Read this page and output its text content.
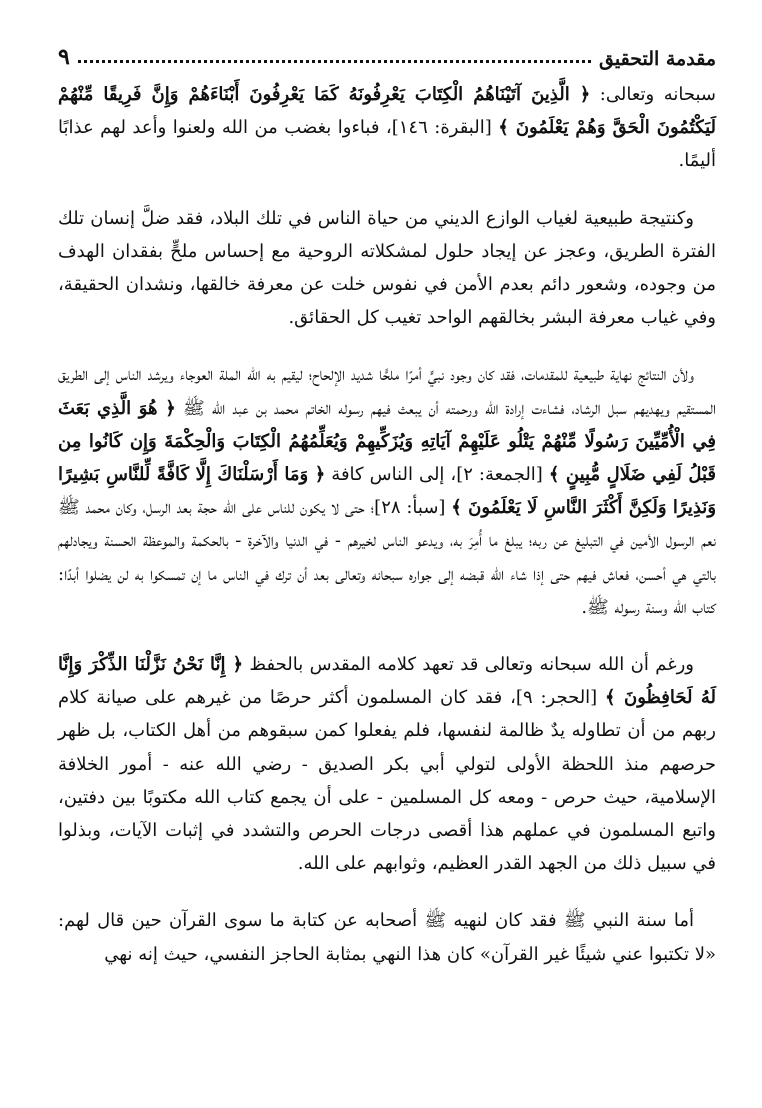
مقدمة التحقيق
٩

سبحانه وتعالى: ﴿ الَّذِينَ آتَيْنَاهُمُ الْكِتَابَ يَعْرِفُونَهُ كَمَا يَعْرِفُونَ أَبْنَاءَهُمْ وَإِنَّ فَرِيقًا مِّنْهُمْ لَيَكْتُمُونَ الْحَقَّ وَهُمْ يَعْلَمُونَ ﴾ [البقرة: ١٤٦]، فباءوا بغضب من الله ولعنوا وأعد لهم عذابًا أليمًا.

وكنتيجة طبيعية لغياب الوازع الديني من حياة الناس في تلك البلاد، فقد ضلَّ إنسان تلك الفترة الطريق، وعجز عن إيجاد حلول لمشكلاته الروحية مع إحساس ملحٍّ بفقدان الهدف من وجوده، وشعور دائم بعدم الأمن في نفوس خلت عن معرفة خالقها، ونشدان الحقيقة، وفي غياب معرفة البشر بخالقهم الواحد تغيب كل الحقائق.

ولأن النتائج نهاية طبيعية للمقدمات، فقد كان وجود نبيٍّ أمرًا ملحًّا شديد الإلحاح؛ ليقيم به الله الملة العوجاء ويرشد الناس إلى الطريق المستقيم ويهديهم سبل الرشاد، فشاءت إرادة الله ورحمته أن يبعث فيهم رسوله الخاتم محمد بن عبد الله ﷺ ﴿ هُوَ الَّذِي بَعَثَ فِي الْأُمِّيِّينَ رَسُولًا مِّنْهُمْ يَتْلُو عَلَيْهِمْ آيَاتِهِ وَيُزَكِّيهِمْ وَيُعَلِّمُهُمُ الْكِتَابَ وَالْحِكْمَةَ وَإِن كَانُوا مِن قَبْلُ لَفِي ضَلَالٍ مُّبِينٍ ﴾ [الجمعة: ٢]، إلى الناس كافة ﴿ وَمَا أَرْسَلْنَاكَ إِلَّا كَافَّةً لِّلنَّاسِ بَشِيرًا وَنَذِيرًا وَلَكِنَّ أَكْثَرَ النَّاسِ لَا يَعْلَمُونَ ﴾ [سبأ: ٢٨]؛ حتى لا يكون للناس على الله حجة بعد الرسل، وكان محمد ﷺ نعم الرسول الأمين في التبليغ عن ربه؛ يبلغ ما أُمِرَ به، ويدعو الناس لخيرهم - في الدنيا والآخرة - بالحكمة والموعظة الحسنة ويجادلهم بالتي هي أحسن، فعاش فيهم حتى إذا شاء الله قبضه إلى جواره سبحانه وتعالى بعد أن ترك في الناس ما إن تمسكوا به لن يضلوا أبدًا: كتاب الله وسنة رسوله ﷺ.

ورغم أن الله سبحانه وتعالى قد تعهد كلامه المقدس بالحفظ ﴿ إِنَّا نَحْنُ نَزَّلْنَا الذِّكْرَ وَإِنَّا لَهُ لَحَافِظُونَ ﴾ [الحجر: ٩]، فقد كان المسلمون أكثر حرصًا من غيرهم على صيانة كلام ربهم من أن تطاوله يدٌ ظالمة لنفسها، فلم يفعلوا كمن سبقوهم من أهل الكتاب، بل ظهر حرصهم منذ اللحظة الأولى لتولي أبي بكر الصديق - رضي الله عنه - أمور الخلافة الإسلامية، حيث حرص - ومعه كل المسلمين - على أن يجمع كتاب الله مكتوبًا بين دفتين، واتبع المسلمون في عملهم هذا أقصى درجات الحرص والتشدد في إثبات الآيات، وبذلوا في سبيل ذلك من الجهد القدر العظيم، وثوابهم على الله.

أما سنة النبي ﷺ فقد كان لنهيه ﷺ أصحابه عن كتابة ما سوى القرآن حين قال لهم: «لا تكتبوا عني شيئًا غير القرآن» كان هذا النهي بمثابة الحاجز النفسي، حيث إنه نهي
